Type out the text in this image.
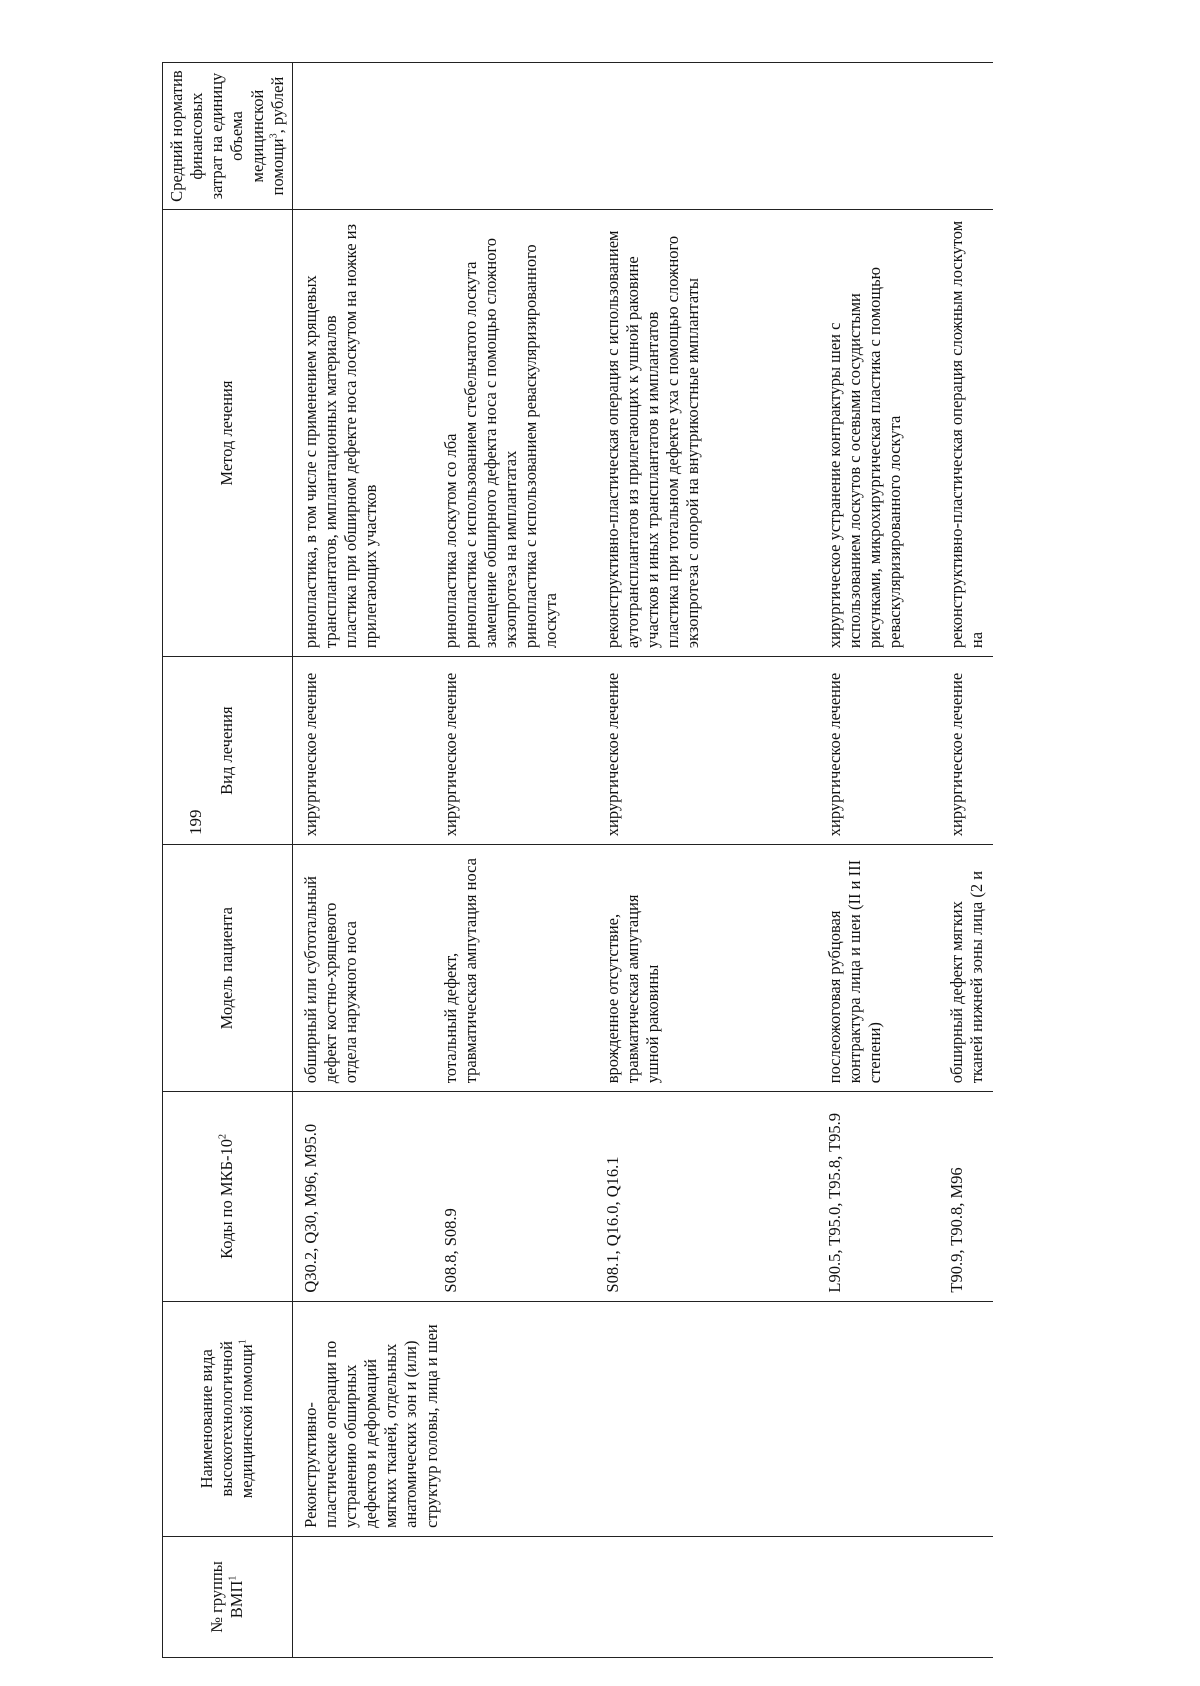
199
№ группы ВМП$^1$	Наименование вида высокотехнологичной медицинской помощи$^1$	Коды по МКБ-$10^2$	Модель пациента	Вид лечения	Метод лечения	Средний норматив финансовых затрат на единицу объема медицинской помощи$^3$, рублей
	Реконструктивно-пластические операции по устранению обширных дефектов и деформаций мягких тканей, отдельных анатомических зон и (или) структур головы, лица и шеи	Q30.2, Q30, M96, M95.0	обширный или субтотальный дефект костно-хрящевого отдела наружного носа	хирургическое лечение	ринопластика, в том числе с применением хрящевых трансплантатов, имплантационных материалов пластика при обширном дефекте носа лоскутом на ножке из прилегающих участков	

		S08.8, S08.9	тотальный дефект, травматическая ампутация носа	хирургическое лечение	ринопластика лоскутом со лба ринопластика с использованием стебельчатого лоскута замещение обширного дефекта носа с помощью сложного экзопротеза на имплантатах ринопластика с использованием реваскуляризированного лоскута	

		S08.1, Q16.0, Q16.1	врожденное отсутствие, травматическая ампутация ушной раковины	хирургическое лечение	реконструктивно-пластическая операция с использованием аутотрансплантатов из прилегающих к ушной раковине участков и иных трансплантатов и имплантатов пластика при тотальном дефекте уха с помощью сложного экзопротеза с опорой на внутрикостные имплантаты	

		L90.5, T95.0, T95.8, T95.9	послеожоговая рубцовая контрактура лица и шеи (II и III степени)	хирургическое лечение	хирургическое устранение контрактуры шеи с использованием лоскутов с осевыми сосудистыми рисунками, микрохирургическая пластика с помощью реваскуляризированного лоскута	

		T90.9, T90.8, M96	обширный дефект мягких тканей нижней зоны лица (2 и	хирургическое лечение	реконструктивно-пластическая операция сложным лоскутом на	
